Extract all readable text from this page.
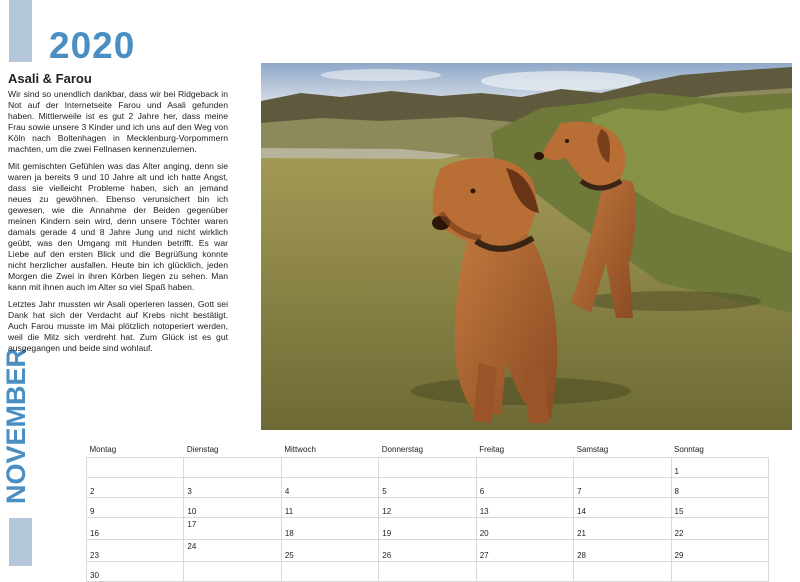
NOVEMBER
2020
Asali & Farou

Wir sind so unendlich dankbar, dass wir bei Ridgeback in Not auf der Internetseite Farou und Asali gefunden haben. Mittlerweile ist es gut 2 Jahre her, dass meine Frau sowie unsere 3 Kinder und ich uns auf den Weg von Köln nach Boltenhagen in Mecklenburg-Vorpommern machten, um die zwei Fellnasen kennenzulernen.

Mit gemischten Gefühlen was das Alter anging, denn sie waren ja bereits 9 und 10 Jahre alt und ich hatte Angst, dass sie vielleicht Probleme haben, sich an jemand neues zu gewöhnen. Ebenso verunsichert bin ich gewesen, wie die Annahme der Beiden gegenüber meinen Kindern sein wird, denn unsere Töchter waren damals gerade 4 und 8 Jahre Jung und nicht wirklich geübt, was den Umgang mit Hunden betrifft. Es war Liebe auf den ersten Blick und die Begrüßung konnte nicht herzlicher ausfallen. Heute bin ich glücklich, jeden Morgen die Zwei in ihren Körben liegen zu sehen. Man kann mit ihnen auch im Alter so viel Spaß haben.

Letztes Jahr mussten wir Asali operieren lassen, Gott sei Dank hat sich der Verdacht auf Krebs nicht bestätigt. Auch Farou musste im Mai plötzlich notoperiert werden, weil die Milz sich verdreht hat. Zum Glück ist es gut ausgegangen und beide sind wohlauf.

Montag	Dienstag	Mittwoch	Donnerstag	Freitag	Samstag	Sonntag
						1
2	3	4	5	6	7	8
9	10	11	12	13	14	15
16	17	18	19	20	21	22
23	24	25	26	27	28	29
30						
